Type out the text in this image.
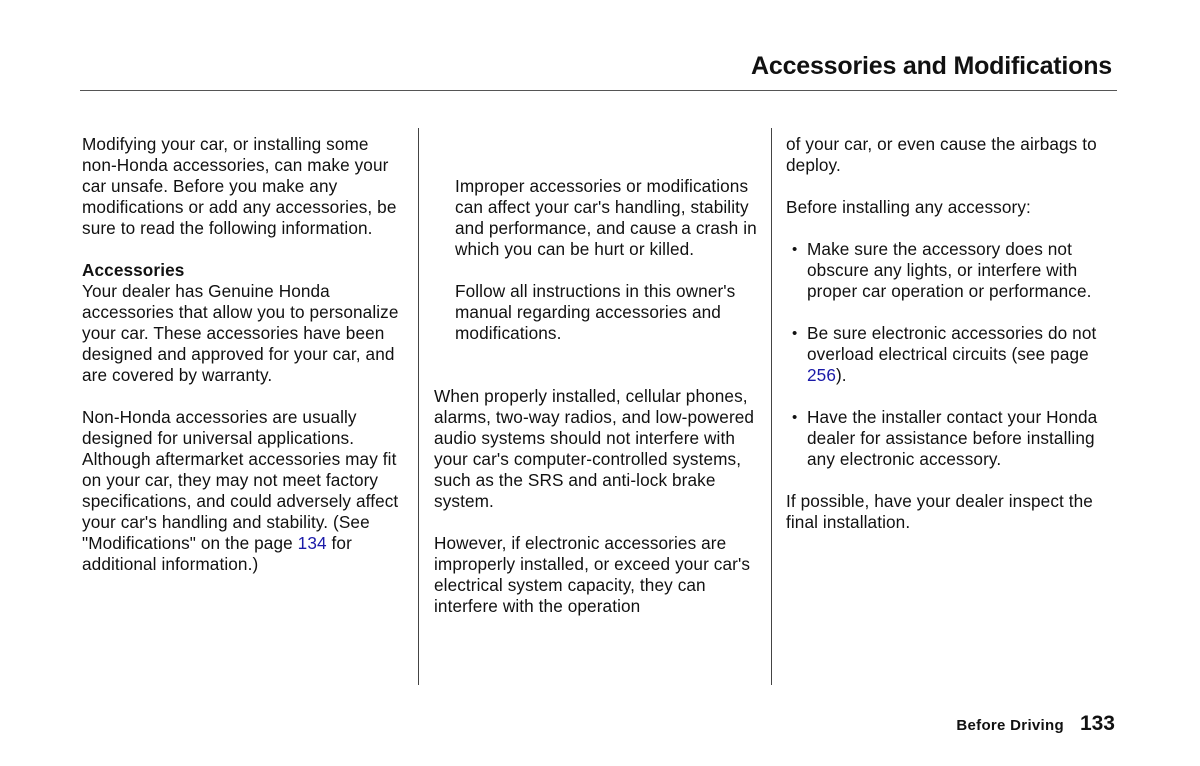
Accessories and Modifications

Modifying your car, or installing some non-Honda accessories, can make your car unsafe. Before you make any modifications or add any accessories, be sure to read the following information.

Accessories

Your dealer has Genuine Honda accessories that allow you to personalize your car. These accessories have been designed and approved for your car, and are covered by warranty.

Non-Honda accessories are usually designed for universal applications. Although aftermarket accessories may fit on your car, they may not meet factory specifications, and could adversely affect your car's handling and stability. (See "Modifications" on the page 134 for additional information.)

Improper accessories or modifications can affect your car's handling, stability and performance, and cause a crash in which you can be hurt or killed.

Follow all instructions in this owner's manual regarding accessories and modifications.

When properly installed, cellular phones, alarms, two-way radios, and low-powered audio systems should not interfere with your car's computer-controlled systems, such as the SRS and anti-lock brake system.

However, if electronic accessories are improperly installed, or exceed your car's electrical system capacity, they can interfere with the operation

of your car, or even cause the airbags to deploy.

Before installing any accessory:

• Make sure the accessory does not obscure any lights, or interfere with proper car operation or performance.
• Be sure electronic accessories do not overload electrical circuits (see page 256).
• Have the installer contact your Honda dealer for assistance before installing any electronic accessory.

If possible, have your dealer inspect the final installation.

Before Driving 133
